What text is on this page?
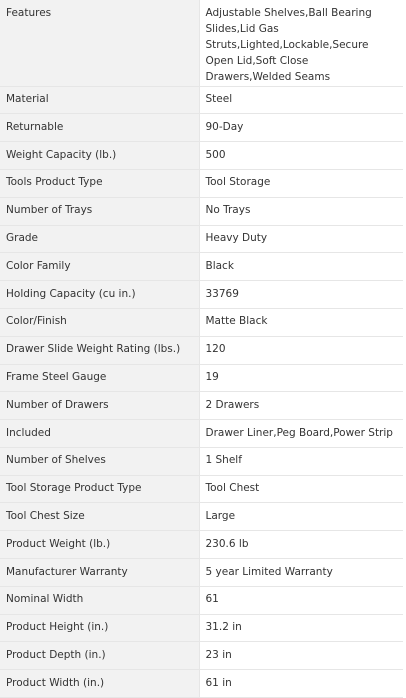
Features	Adjustable Shelves,Ball Bearing Slides,Lid Gas Struts,Lighted,Lockable,Secure Open Lid,Soft Close Drawers,Welded Seams
Material	Steel
Returnable	90-Day
Weight Capacity (lb.)	500
Tools Product Type	Tool Storage
Number of Trays	No Trays
Grade	Heavy Duty
Color Family	Black
Holding Capacity (cu in.)	33769
Color/Finish	Matte Black
Drawer Slide Weight Rating (lbs.)	120
Frame Steel Gauge	19
Number of Drawers	2 Drawers
Included	Drawer Liner,Peg Board,Power Strip
Number of Shelves	1 Shelf
Tool Storage Product Type	Tool Chest
Tool Chest Size	Large
Product Weight (lb.)	230.6 lb
Manufacturer Warranty	5 year Limited Warranty
Nominal Width	61
Product Height (in.)	31.2 in
Product Depth (in.)	23 in
Product Width (in.)	61 in
